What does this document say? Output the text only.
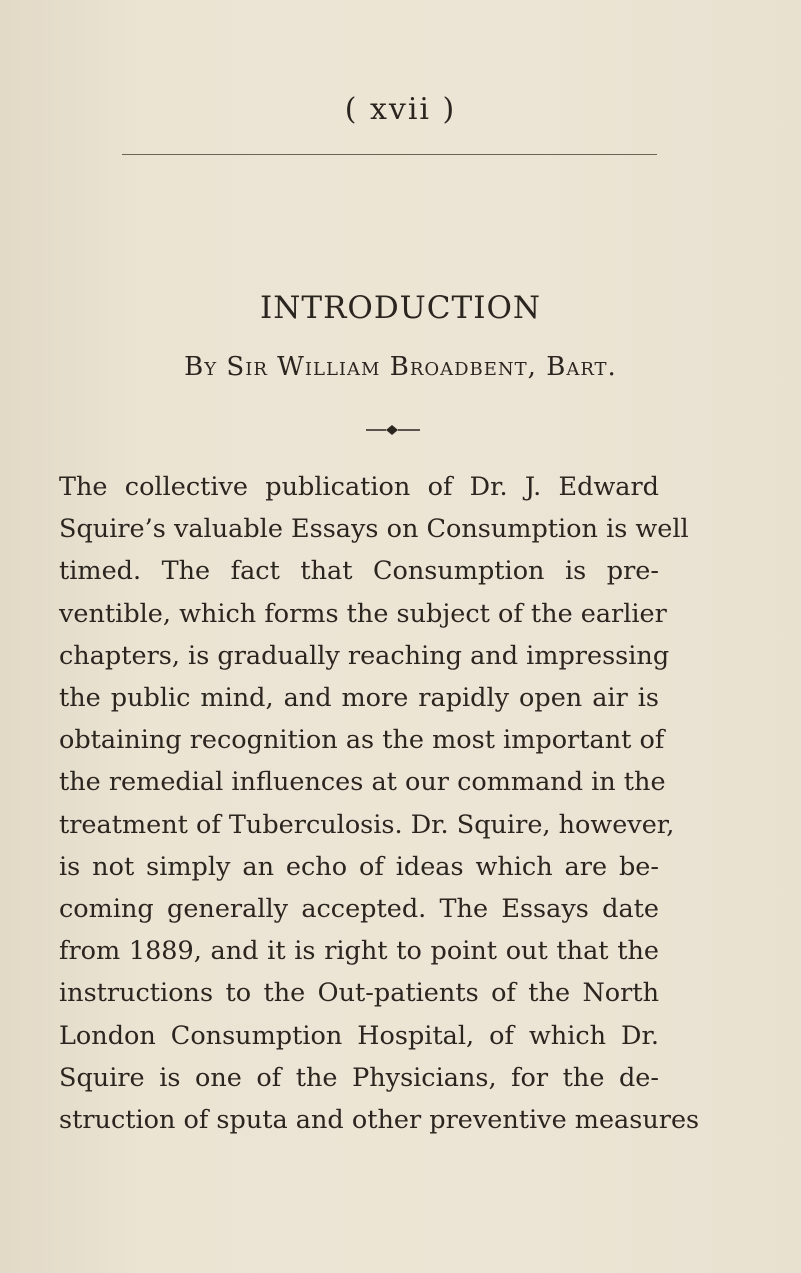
( xvii )
INTRODUCTION
By Sir William Broadbent, Bart.
The collective publication of Dr. J. Edward
Squire’s valuable Essays on Consumption is well
timed. The fact that Consumption is pre-
ventible, which forms the subject of the earlier
chapters, is gradually reaching and impressing
the public mind, and more rapidly open air is
obtaining recognition as the most important of
the remedial influences at our command in the
treatment of Tuberculosis. Dr. Squire, however,
is not simply an echo of ideas which are be-
coming generally accepted. The Essays date
from 1889, and it is right to point out that the
instructions to the Out-patients of the North
London Consumption Hospital, of which Dr.
Squire is one of the Physicians, for the de-
struction of sputa and other preventive measures
